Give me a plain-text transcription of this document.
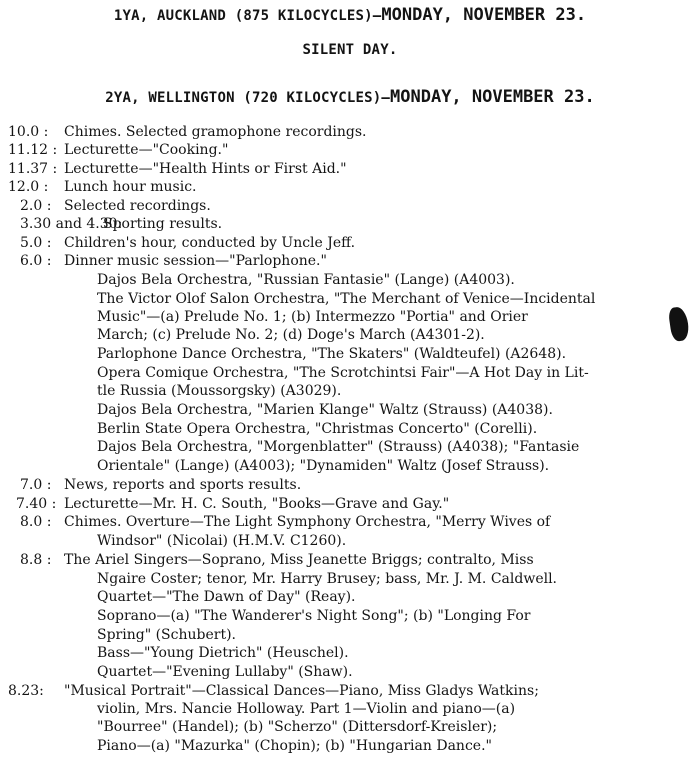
1YA, AUCKLAND (875 KILOCYCLES)—MONDAY, NOVEMBER 23.
SILENT DAY.
2YA, WELLINGTON (720 KILOCYCLES)—MONDAY, NOVEMBER 23.
10.0 : Chimes. Selected gramophone recordings.
11.12 : Lecturette—"Cooking."
11.37 : Lecturette—"Health Hints or First Aid."
12.0 : Lunch hour music.
2.0 : Selected recordings.
3.30 and 4.30:
Sporting results.
5.0 : Children's hour, conducted by Uncle Jeff.
6.0 : Dinner music session—"Parlophone."
Dajos Bela Orchestra, "Russian Fantasie" (Lange) (A4003).
The Victor Olof Salon Orchestra, "The Merchant of Venice—Incidental
Music"—(a) Prelude No. 1; (b) Intermezzo "Portia" and Orier
March; (c) Prelude No. 2; (d) Doge's March (A4301-2).
Parlophone Dance Orchestra, "The Skaters" (Waldteufel) (A2648).
Opera Comique Orchestra, "The Scrotchintsi Fair"—A Hot Day in Lit-
tle Russia (Moussorgsky) (A3029).
Dajos Bela Orchestra, "Marien Klange" Waltz (Strauss) (A4038).
Berlin State Opera Orchestra, "Christmas Concerto" (Corelli).
Dajos Bela Orchestra, "Morgenblatter" (Strauss) (A4038); "Fantasie
Orientale" (Lange) (A4003); "Dynamiden" Waltz (Josef Strauss).
7.0 : News, reports and sports results.
7.40 : Lecturette—Mr. H. C. South, "Books—Grave and Gay."
8.0 : Chimes. Overture—The Light Symphony Orchestra, "Merry Wives of
Windsor" (Nicolai) (H.M.V. C1260).
8.8 : The Ariel Singers—Soprano, Miss Jeanette Briggs; contralto, Miss
Ngaire Coster; tenor, Mr. Harry Brusey; bass, Mr. J. M. Caldwell.
Quartet—"The Dawn of Day" (Reay).
Soprano—(a) "The Wanderer's Night Song"; (b) "Longing For
Spring" (Schubert).
Bass—"Young Dietrich" (Heuschel).
Quartet—"Evening Lullaby" (Shaw).
8.23: "Musical Portrait"—Classical Dances—Piano, Miss Gladys Watkins;
violin, Mrs. Nancie Holloway. Part 1—Violin and piano—(a)
"Bourree" (Handel); (b) "Scherzo" (Dittersdorf-Kreisler);
Piano—(a) "Mazurka" (Chopin); (b) "Hungarian Dance."
